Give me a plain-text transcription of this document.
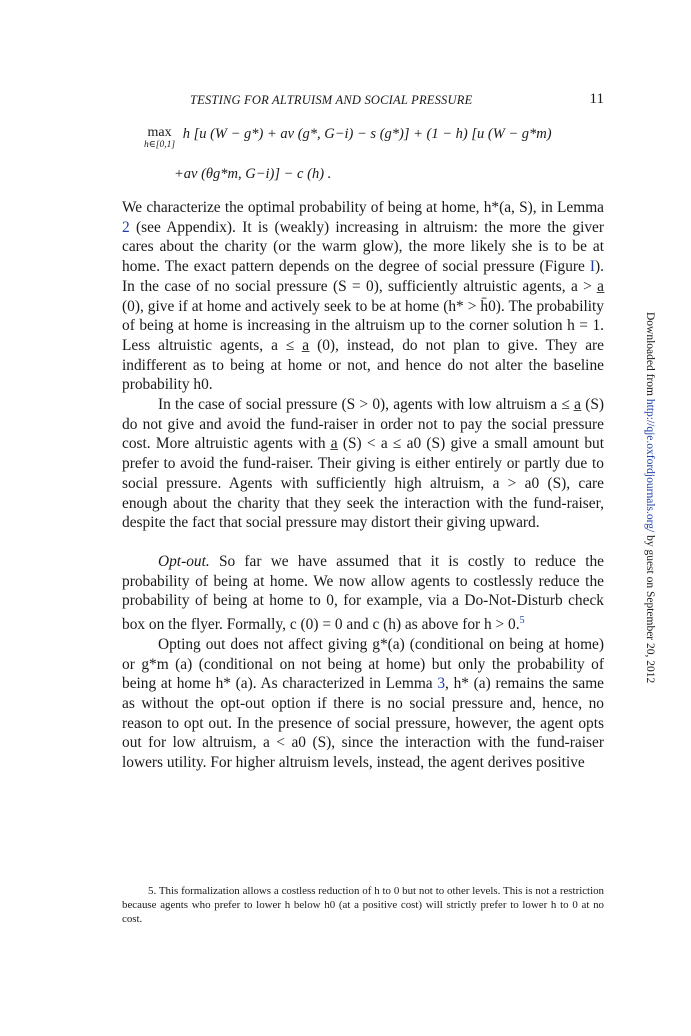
TESTING FOR ALTRUISM AND SOCIAL PRESSURE	11
max
h∈[0,1]
h [u (W − g*) + av (g*, G−i) − s (g*)] + (1 − h) [u (W − g*m)
+av (θg*m, G−i)] − c (h) .

We characterize the optimal probability of being at home, h*(a, S), in Lemma 2 (see Appendix). It is (weakly) increasing in altruism: the more the giver cares about the charity (or the warm glow), the more likely she is to be at home. The exact pattern depends on the degree of social pressure (Figure I). In the case of no social pressure (S = 0), sufficiently altruistic agents, a > a̲ (0), give if at home and actively seek to be at home (h* > h̄0). The probability of being at home is increasing in the altruism up to the corner solution h = 1. Less altruistic agents, a ≤ a̲ (0), instead, do not plan to give. They are indifferent as to being at home or not, and hence do not alter the baseline probability h0.

In the case of social pressure (S > 0), agents with low altruism a ≤ a̲ (S) do not give and avoid the fund-raiser in order not to pay the social pressure cost. More altruistic agents with a̲ (S) < a ≤ a0 (S) give a small amount but prefer to avoid the fund-raiser. Their giving is either entirely or partly due to social pressure. Agents with sufficiently high altruism, a > a0 (S), care enough about the charity that they seek the interaction with the fund-raiser, despite the fact that social pressure may distort their giving upward.

Opt-out. So far we have assumed that it is costly to reduce the probability of being at home. We now allow agents to costlessly reduce the probability of being at home to 0, for example, via a Do-Not-Disturb check box on the flyer. Formally, c (0) = 0 and c (h) as above for h > 0.$^5$

Opting out does not affect giving g*(a) (conditional on being at home) or g*m (a) (conditional on not being at home) but only the probability of being at home h* (a). As characterized in Lemma 3, h* (a) remains the same as without the opt-out option if there is no social pressure and, hence, no reason to opt out. In the presence of social pressure, however, the agent opts out for low altruism, a < a0 (S), since the interaction with the fund-raiser lowers utility. For higher altruism levels, instead, the agent derives positive

5. This formalization allows a costless reduction of h to 0 but not to other levels. This is not a restriction because agents who prefer to lower h below h0 (at a positive cost) will strictly prefer to lower h to 0 at no cost.

Downloaded from http://qje.oxfordjournals.org/ by guest on September 20, 2012
